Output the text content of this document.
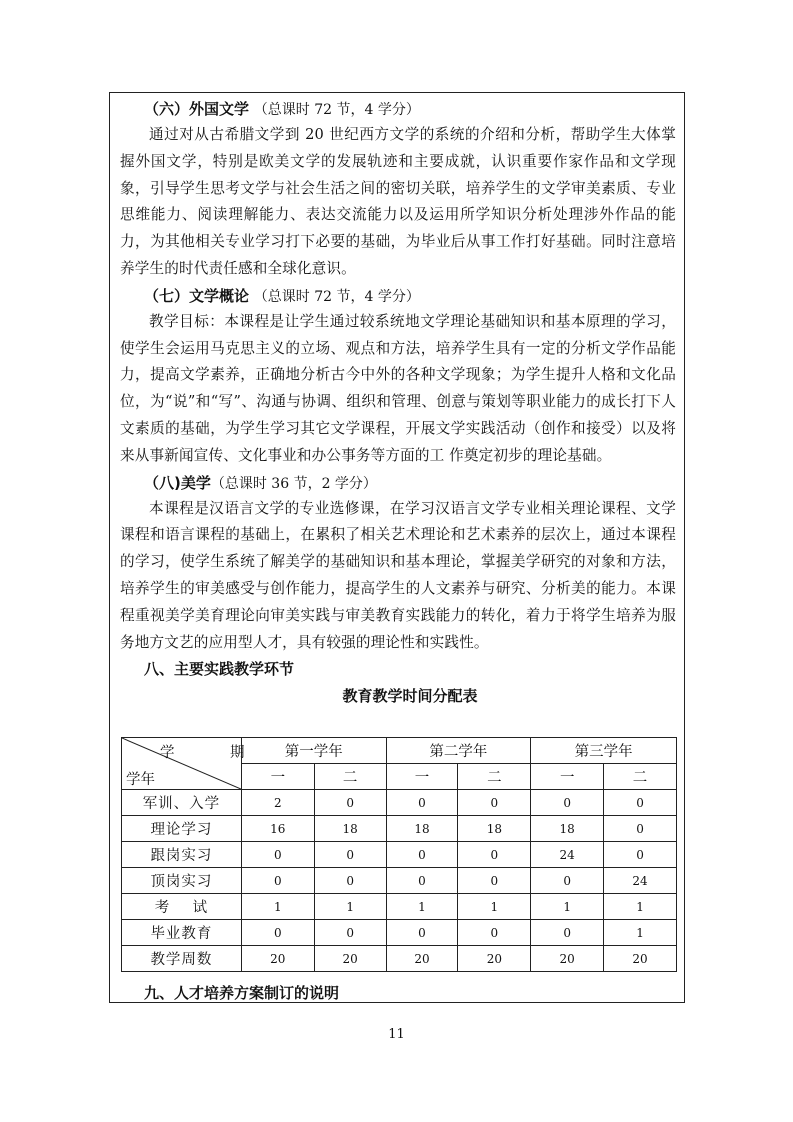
（六）外国文学 （总课时 72 节，4 学分）

通过对从古希腊文学到 20 世纪西方文学的系统的介绍和分析，帮助学生大体掌握外国文学，特别是欧美文学的发展轨迹和主要成就，认识重要作家作品和文学现象，引导学生思考文学与社会生活之间的密切关联，培养学生的文学审美素质、专业思维能力、阅读理解能力、表达交流能力以及运用所学知识分析处理涉外作品的能力，为其他相关专业学习打下必要的基础，为毕业后从事工作打好基础。同时注意培养学生的时代责任感和全球化意识。

（七）文学概论 （总课时 72 节，4 学分）

教学目标：本课程是让学生通过较系统地文学理论基础知识和基本原理的学习， 使学生会运用马克思主义的立场、观点和方法，培养学生具有一定的分析文学作品能力，提高文学素养，正确地分析古今中外的各种文学现象；为学生提升人格和文化品位，为“说”和“写”、沟通与协调、组织和管理、创意与策划等职业能力的成长打下人文素质的基础，为学生学习其它文学课程，开展文学实践活动（创作和接受）以及将来从事新闻宣传、文化事业和办公事务等方面的工 作奠定初步的理论基础。

（八)美学（总课时 36 节，2 学分）

本课程是汉语言文学的专业选修课，在学习汉语言文学专业相关理论课程、文学课程和语言课程的基础上，在累积了相关艺术理论和艺术素养的层次上，通过本课程的学习，使学生系统了解美学的基础知识和基本理论，掌握美学研究的对象和方法，培养学生的审美感受与创作能力，提高学生的人文素养与研究、分析美的能力。本课程重视美学美育理论向审美实践与审美教育实践能力的转化，着力于将学生培养为服务地方文艺的应用型人才，具有较强的理论性和实践性。

八、主要实践教学环节
教育教学时间分配表
学 期
学年	第一学年		第二学年		第三学年	
	一	二	一	二	一	二
军训、入学	2	0	0	0	0	0
理论学习	16	18	18	18	18	0
跟岗实习	0	0	0	0	24	0
顶岗实习	0	0	0	0	0	24
考    试	1	1	1	1	1	1
毕业教育	0	0	0	0	0	1
教学周数	20	20	20	20	20	20
九、人才培养方案制订的说明
11
